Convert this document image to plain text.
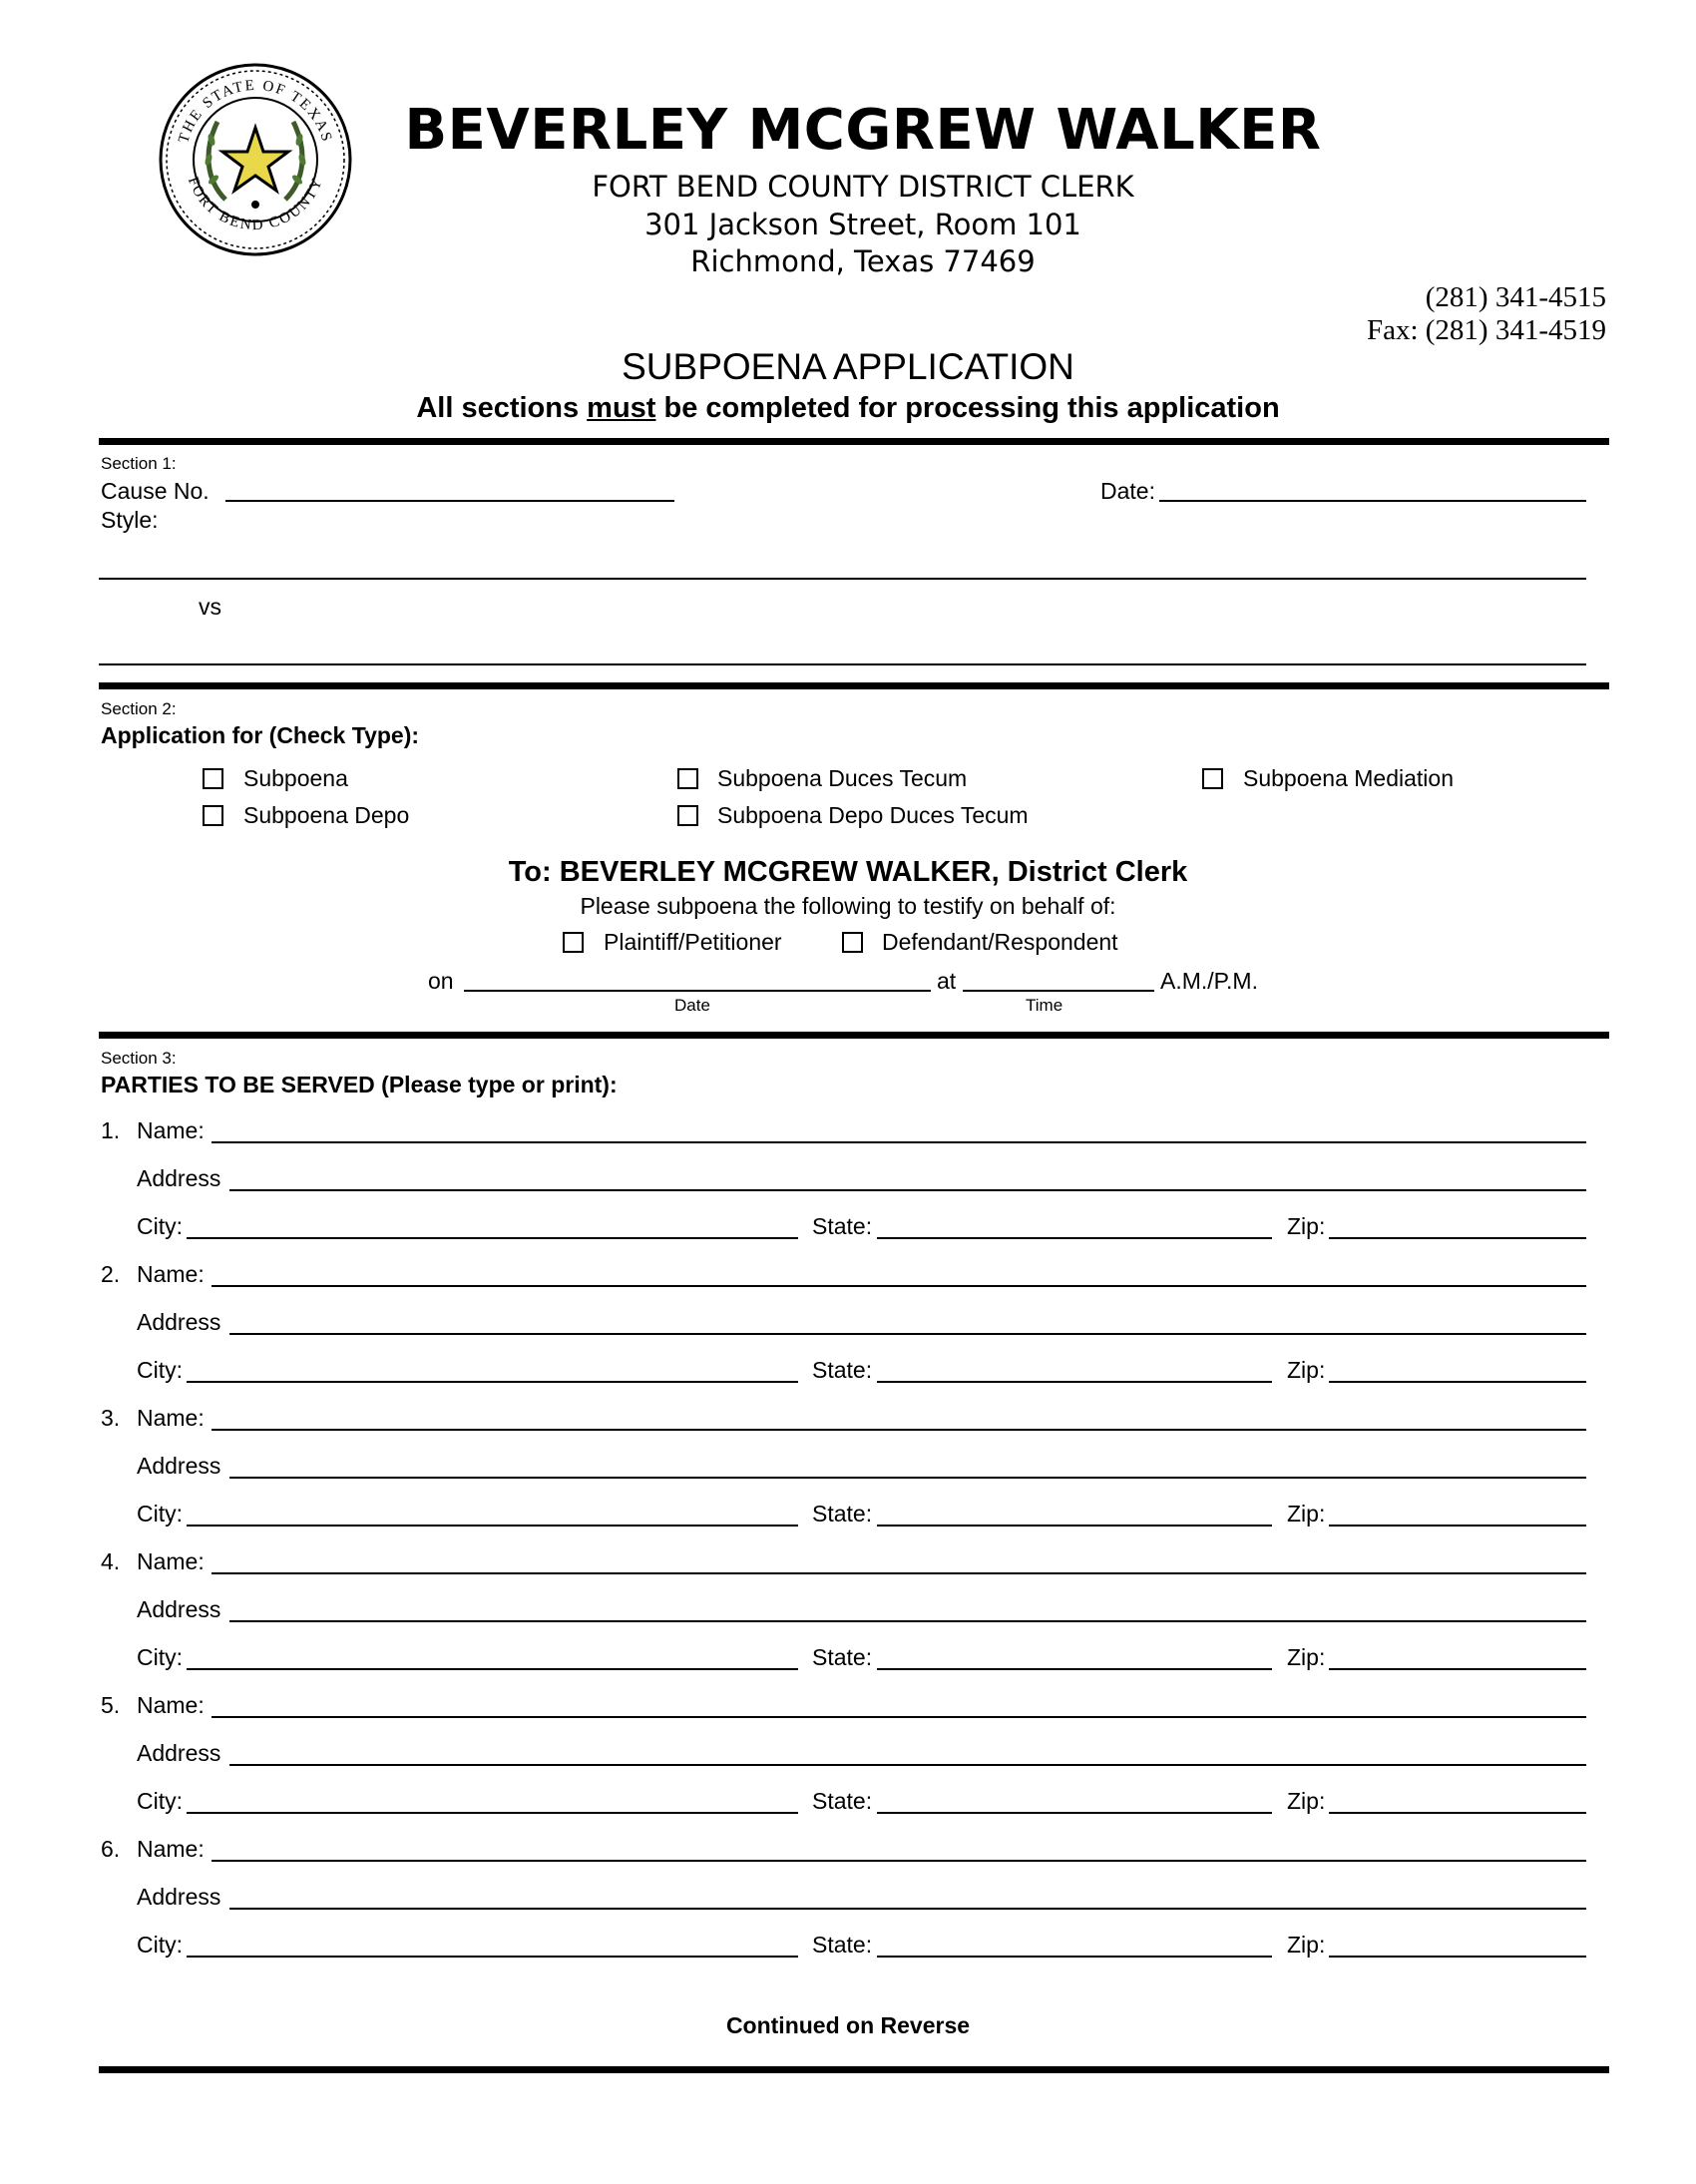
THE STATE OF TEXAS
FORT BEND COUNTY
BEVERLEY MCGREW WALKER
FORT BEND COUNTY DISTRICT CLERK
301 Jackson Street, Room 101
Richmond, Texas 77469
(281) 341-4515
Fax: (281) 341-4519
SUBPOENA APPLICATION
All sections must be completed for processing this application
Section 1:
Cause No.	Date:
Style:
vs
Section 2:
Application for (Check Type):
Subpoena	Subpoena Duces Tecum	Subpoena Mediation
Subpoena Depo	Subpoena Depo Duces Tecum
To: BEVERLEY MCGREW WALKER, District Clerk
Please subpoena the following to testify on behalf of:
Plaintiff/Petitioner	Defendant/Respondent
on
Date
at
Time
A.M./P.M.
Section 3:
PARTIES TO BE SERVED (Please type or print):
1. Name:
Address
City:	State:	Zip:
2. Name:
Address
City:	State:	Zip:
3. Name:
Address
City:	State:	Zip:
4. Name:
Address
City:	State:	Zip:
5. Name:
Address
City:	State:	Zip:
6. Name:
Address
City:	State:	Zip:
Continued on Reverse
